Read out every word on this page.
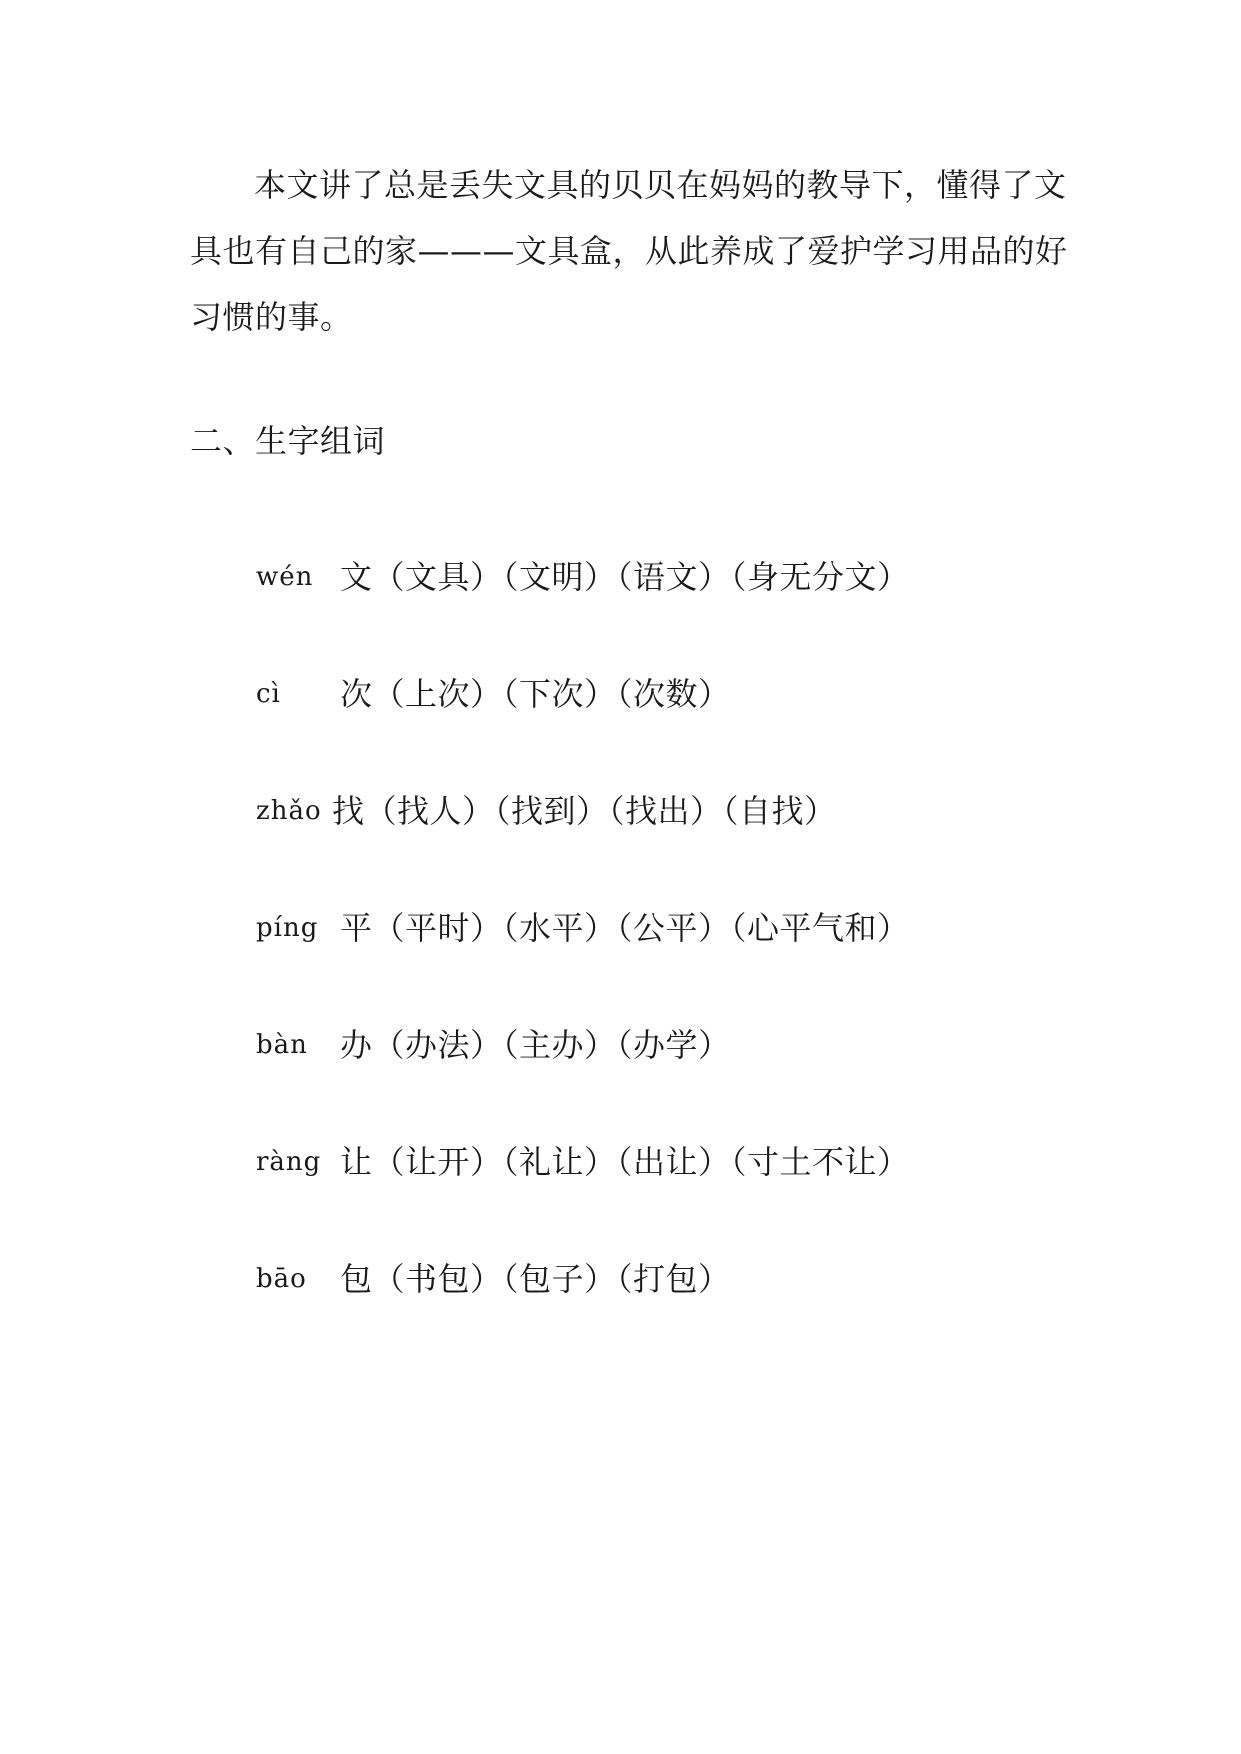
本文讲了总是丢失文具的贝贝在妈妈的教导下，懂得了文具也有自己的家———文具盒，从此养成了爱护学习用品的好习惯的事。

二、生字组词
wén 文（文具）（文明）（语文）（身无分文）
cì	次（上次）（下次）（次数）
zhǎo 找（找人）（找到）（找出）（自找）
píng 平（平时）（水平）（公平）（心平气和）
bàn	办（办法）（主办）（办学）
ràng 让（让开）（礼让）（出让）（寸土不让）
bāo	包（书包）（包子）（打包）
